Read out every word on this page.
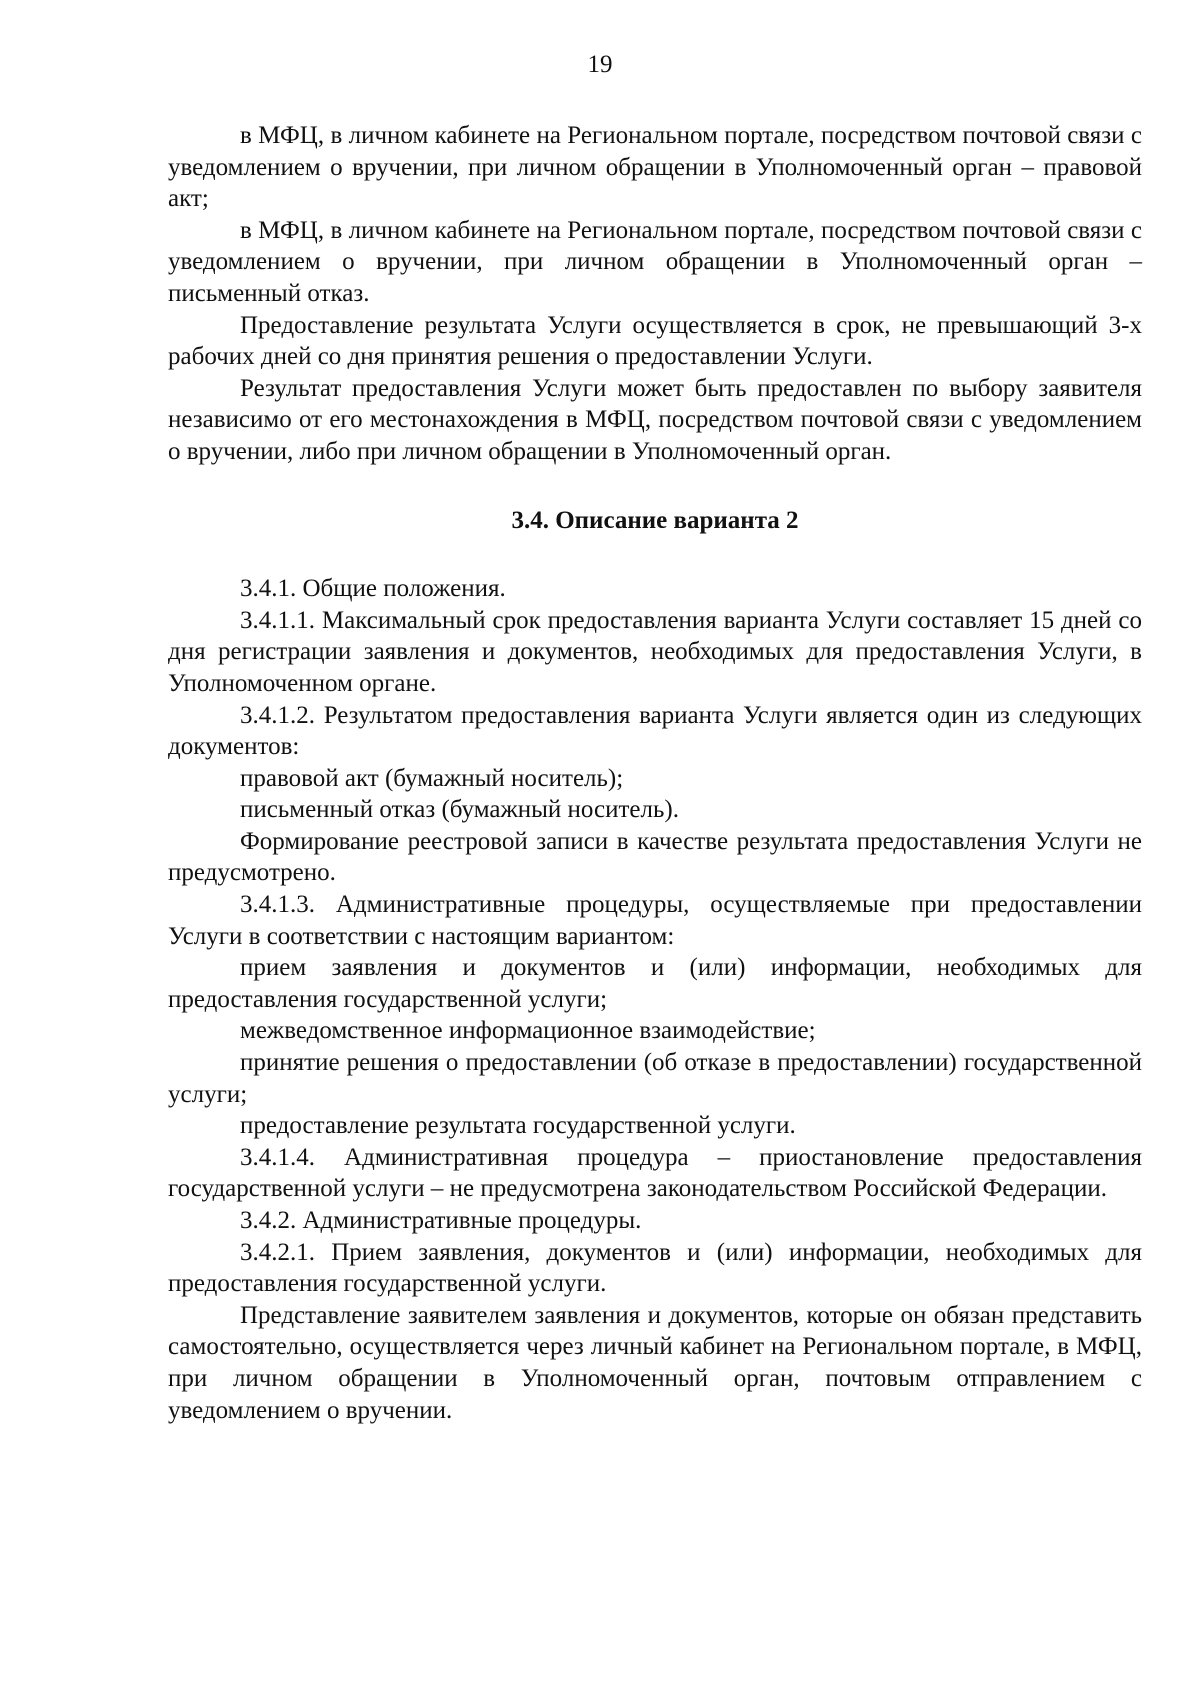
19

в МФЦ, в личном кабинете на Региональном портале, посредством почтовой связи с уведомлением о вручении, при личном обращении в Уполномоченный орган – правовой акт;

в МФЦ, в личном кабинете на Региональном портале, посредством почтовой связи с уведомлением о вручении, при личном обращении в Уполномоченный орган – письменный отказ.

Предоставление результата Услуги осуществляется в срок, не превышающий 3-х рабочих дней со дня принятия решения о предоставлении Услуги.

Результат предоставления Услуги может быть предоставлен по выбору заявителя независимо от его местонахождения в МФЦ, посредством почтовой связи с уведомлением о вручении, либо при личном обращении в Уполномоченный орган.

3.4. Описание варианта 2

3.4.1. Общие положения.

3.4.1.1. Максимальный срок предоставления варианта Услуги составляет 15 дней со дня регистрации заявления и документов, необходимых для предоставления Услуги, в Уполномоченном органе.

3.4.1.2. Результатом предоставления варианта Услуги является один из следующих документов:

правовой акт (бумажный носитель);

письменный отказ (бумажный носитель).

Формирование реестровой записи в качестве результата предоставления Услуги не предусмотрено.

3.4.1.3. Административные процедуры, осуществляемые при предоставлении Услуги в соответствии с настоящим вариантом:

прием заявления и документов и (или) информации, необходимых для предоставления государственной услуги;

межведомственное информационное взаимодействие;

принятие решения о предоставлении (об отказе в предоставлении) государственной услуги;

предоставление результата государственной услуги.

3.4.1.4. Административная процедура – приостановление предоставления государственной услуги – не предусмотрена законодательством Российской Федерации.

3.4.2. Административные процедуры.

3.4.2.1. Прием заявления, документов и (или) информации, необходимых для предоставления государственной услуги.

Представление заявителем заявления и документов, которые он обязан представить самостоятельно, осуществляется через личный кабинет на Региональном портале, в МФЦ, при личном обращении в Уполномоченный орган, почтовым отправлением с уведомлением о вручении.
